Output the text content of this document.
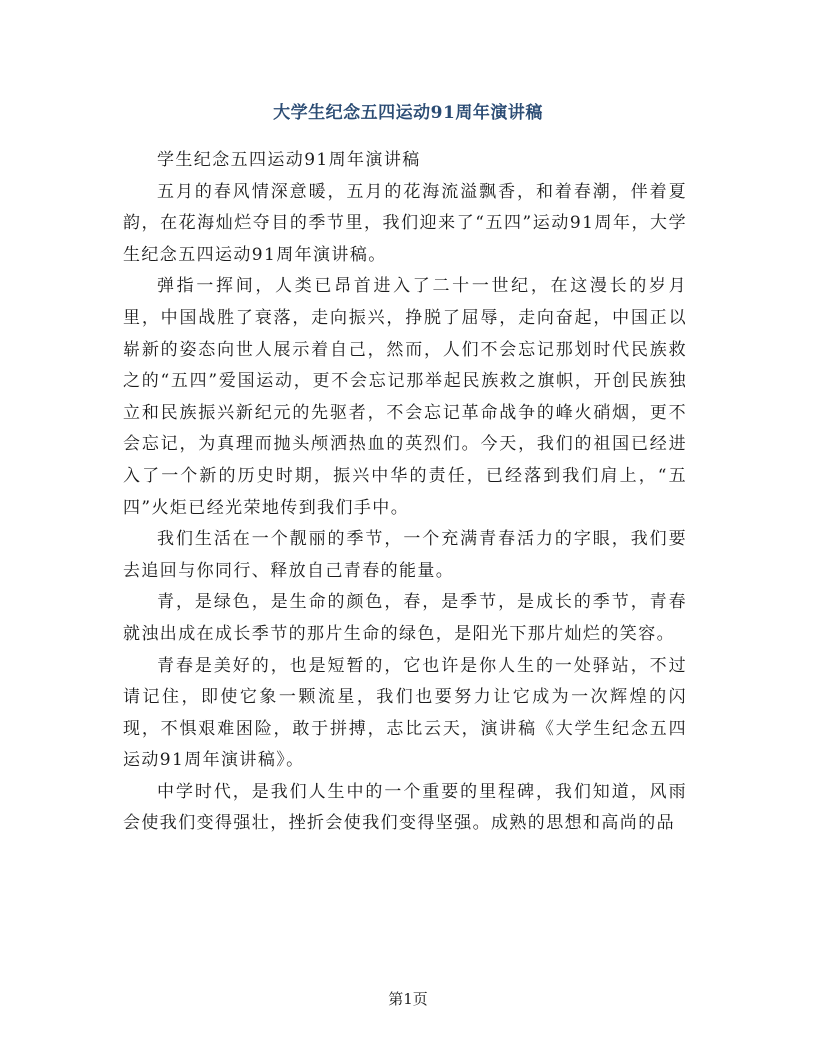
大学生纪念五四运动91周年演讲稿

学生纪念五四运动91周年演讲稿

五月的春风情深意暖，五月的花海流溢飘香，和着春潮，伴着夏韵，在花海灿烂夺目的季节里，我们迎来了“五四”运动91周年，大学生纪念五四运动91周年演讲稿。

弹指一挥间，人类已昂首进入了二十一世纪，在这漫长的岁月里，中国战胜了衰落，走向振兴，挣脱了屈辱，走向奋起，中国正以崭新的姿态向世人展示着自己，然而，人们不会忘记那划时代民族救之的“五四”爱国运动，更不会忘记那举起民族救之旗帜，开创民族独立和民族振兴新纪元的先驱者，不会忘记革命战争的峰火硝烟，更不会忘记，为真理而抛头颅洒热血的英烈们。今天，我们的祖国已经进入了一个新的历史时期，振兴中华的责任，已经落到我们肩上，“五四”火炬已经光荣地传到我们手中。

我们生活在一个靓丽的季节，一个充满青春活力的字眼，我们要去追回与你同行、释放自己青春的能量。

青，是绿色，是生命的颜色，春，是季节，是成长的季节，青春就浊出成在成长季节的那片生命的绿色，是阳光下那片灿烂的笑容。

青春是美好的，也是短暂的，它也许是你人生的一处驿站，不过请记住，即使它象一颗流星，我们也要努力让它成为一次辉煌的闪现，不惧艰难困险，敢于拼搏，志比云天，演讲稿《大学生纪念五四运动91周年演讲稿》。

中学时代，是我们人生中的一个重要的里程碑，我们知道，风雨会使我们变得强壮，挫折会使我们变得坚强。成熟的思想和高尚的品

第1页
